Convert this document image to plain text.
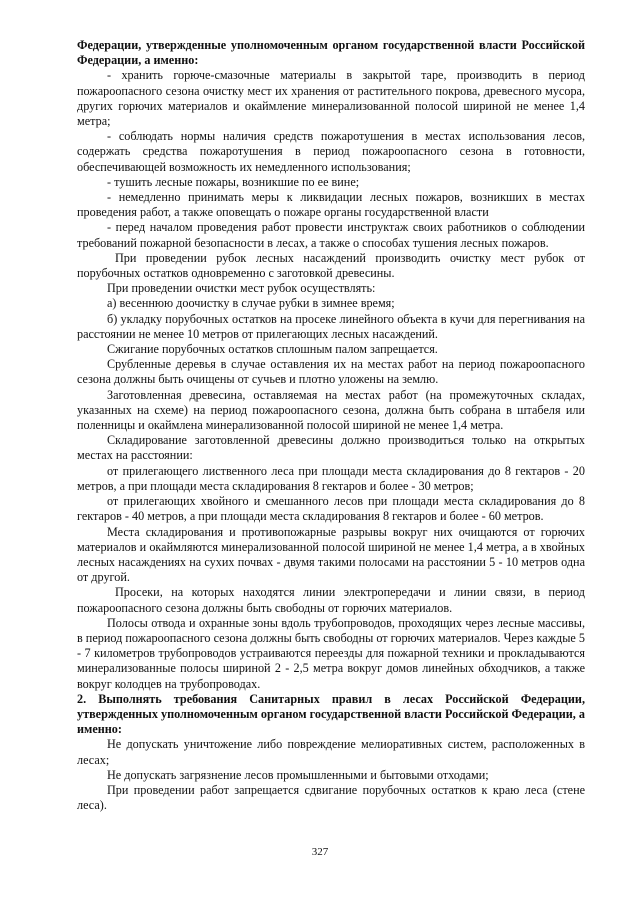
Федерации, утвержденные уполномоченным органом государственной власти Российской Федерации, а именно:

- хранить горюче-смазочные материалы в закрытой таре, производить в период пожароопасного сезона очистку мест их хранения от растительного покрова, древесного мусора, других горючих материалов и окаймление минерализованной полосой шириной не менее 1,4 метра;

- соблюдать нормы наличия средств пожаротушения в местах использования лесов, содержать средства пожаротушения в период пожароопасного сезона в готовности, обеспечивающей возможность их немедленного использования;

- тушить лесные пожары, возникшие по ее вине;

- немедленно принимать меры к ликвидации лесных пожаров, возникших в местах проведения работ, а также оповещать о пожаре органы государственной власти

- перед началом проведения работ провести инструктаж своих работников о соблюдении требований пожарной безопасности в лесах, а также о способах тушения лесных пожаров.

При проведении рубок лесных насаждений производить очистку мест рубок от порубочных остатков одновременно с заготовкой древесины.

При проведении очистки мест рубок осуществлять:

а) весеннюю доочистку в случае рубки в зимнее время;

б) укладку порубочных остатков на просеке линейного объекта в кучи для перегнивания на расстоянии не менее 10 метров от прилегающих лесных насаждений.

Сжигание порубочных остатков сплошным палом запрещается.

Срубленные деревья в случае оставления их на местах работ на период пожароопасного сезона должны быть очищены от сучьев и плотно уложены на землю.

Заготовленная древесина, оставляемая на местах работ (на промежуточных складах, указанных на схеме) на период пожароопасного сезона, должна быть собрана в штабеля или поленницы и окаймлена минерализованной полосой шириной не менее 1,4 метра.

Складирование заготовленной древесины должно производиться только на открытых местах на расстоянии:

от прилегающего лиственного леса при площади места складирования до 8 гектаров - 20 метров, а при площади места складирования 8 гектаров и более - 30 метров;

от прилегающих хвойного и смешанного лесов при площади места складирования до 8 гектаров - 40 метров, а при площади места складирования 8 гектаров и более - 60 метров.

Места складирования и противопожарные разрывы вокруг них очищаются от горючих материалов и окаймляются минерализованной полосой шириной не менее 1,4 метра, а в хвойных лесных насаждениях на сухих почвах - двумя такими полосами на расстоянии 5 - 10 метров одна от другой.

Просеки, на которых находятся линии электропередачи и линии связи, в период пожароопасного сезона должны быть свободны от горючих материалов.

Полосы отвода и охранные зоны вдоль трубопроводов, проходящих через лесные массивы, в период пожароопасного сезона должны быть свободны от горючих материалов. Через каждые 5 - 7 километров трубопроводов устраиваются переезды для пожарной техники и прокладываются минерализованные полосы шириной 2 - 2,5 метра вокруг домов линейных обходчиков, а также вокруг колодцев на трубопроводах.

2. Выполнять требования Санитарных правил в лесах Российской Федерации, утвержденных уполномоченным органом государственной власти Российской Федерации, а именно:

Не допускать уничтожение либо повреждение мелиоративных систем, расположенных в лесах;

Не допускать загрязнение лесов промышленными и бытовыми отходами;

При проведении работ запрещается сдвигание порубочных остатков к краю леса (стене леса).

327
